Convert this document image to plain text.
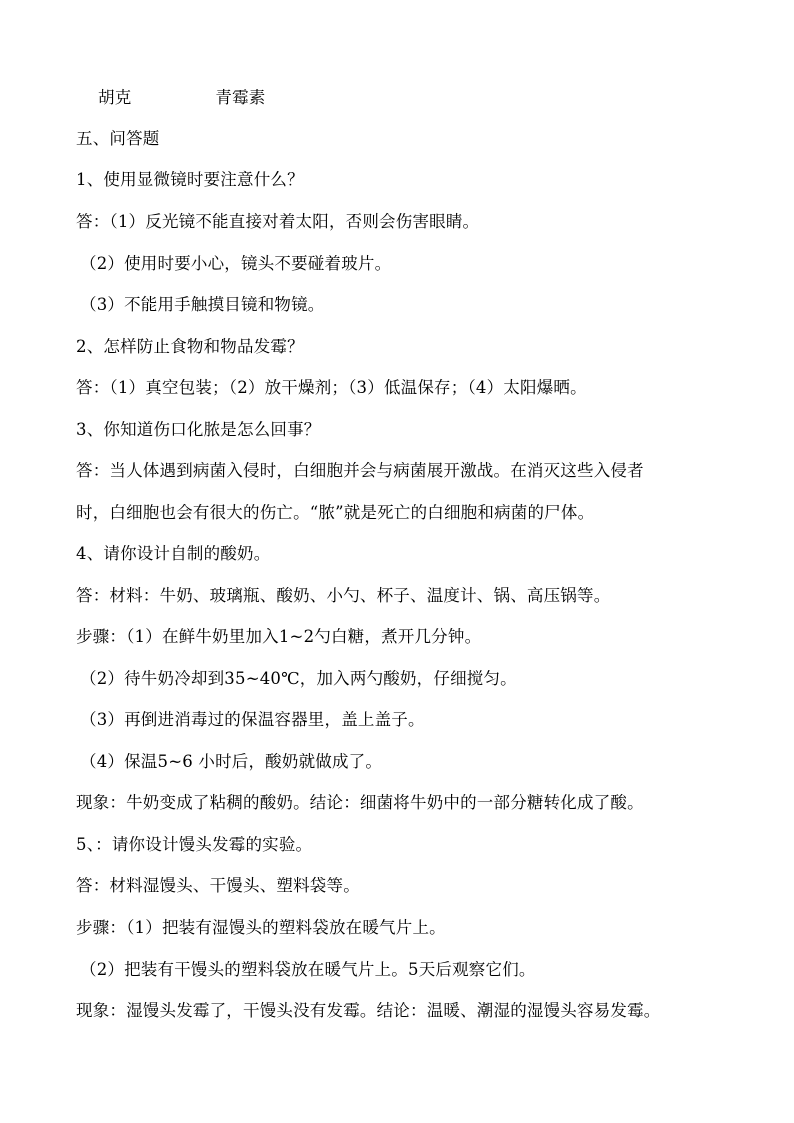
胡克	青霉素
五、问答题
1、使用显微镜时要注意什么？
答：（1）反光镜不能直接对着太阳，否则会伤害眼睛。
（2）使用时要小心，镜头不要碰着玻片。
（3）不能用手触摸目镜和物镜。
2、怎样防止食物和物品发霉？
答：（1）真空包装；（2）放干燥剂；（3）低温保存；（4）太阳爆晒。
3、你知道伤口化脓是怎么回事？
答：当人体遇到病菌入侵时，白细胞并会与病菌展开激战。在消灭这些入侵者
时，白细胞也会有很大的伤亡。“脓”就是死亡的白细胞和病菌的尸体。
4、请你设计自制的酸奶。
答：材料：牛奶、玻璃瓶、酸奶、小勺、杯子、温度计、锅、高压锅等。
步骤：（1）在鲜牛奶里加入1~2勺白糖，煮开几分钟。
（2）待牛奶冷却到35~40℃，加入两勺酸奶，仔细搅匀。
（3）再倒进消毒过的保温容器里，盖上盖子。
（4）保温5~6 小时后，酸奶就做成了。
现象：牛奶变成了粘稠的酸奶。结论：细菌将牛奶中的一部分糖转化成了酸。
5、：请你设计馒头发霉的实验。
答：材料湿馒头、干馒头、塑料袋等。
步骤：（1）把装有湿馒头的塑料袋放在暖气片上。
（2）把装有干馒头的塑料袋放在暖气片上。5天后观察它们。
现象：湿馒头发霉了，干馒头没有发霉。结论：温暖、潮湿的湿馒头容易发霉。
